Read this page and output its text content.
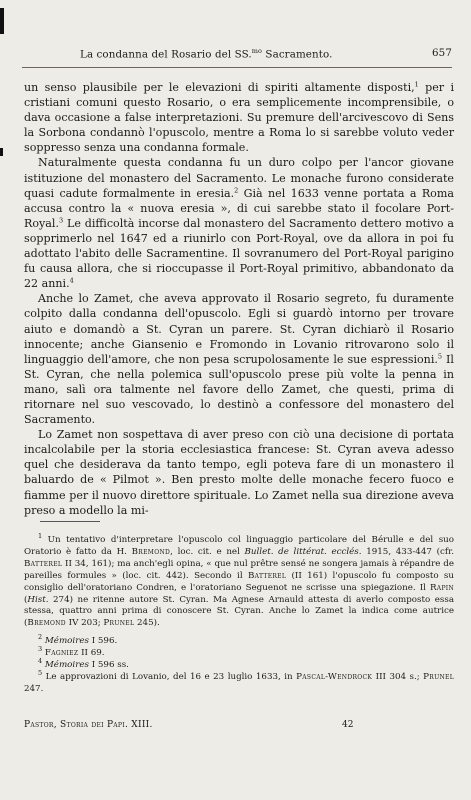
La condanna del Rosario del SS.$^{mo}$ Sacramento.	657

un senso plausibile per le elevazioni di spiriti altamente disposti,$^1$ per i cristiani comuni questo Rosario, o era semplicemente incomprensibile, o dava occasione a false interpretazioni. Su premure dell'arcivescovo di Sens la Sorbona condannò l'opuscolo, mentre a Roma lo si sarebbe voluto veder soppresso senza una condanna formale.

Naturalmente questa condanna fu un duro colpo per l'ancor giovane istituzione del monastero del Sacramento. Le monache furono considerate quasi cadute formalmente in eresia.$^2$ Già nel 1633 venne portata a Roma accusa contro la « nuova eresia », di cui sarebbe stato il focolare Port-Royal.$^3$ Le difficoltà incorse dal monastero del Sacramento dettero motivo a sopprimerlo nel 1647 ed a riunirlo con Port-Royal, ove da allora in poi fu adottato l'abito delle Sacramentine. Il sovranumero del Port-Royal parigino fu causa allora, che si rioccupasse il Port-Royal primitivo, abbandonato da 22 anni.$^4$

Anche lo Zamet, che aveva approvato il Rosario segreto, fu duramente colpito dalla condanna dell'opuscolo. Egli si guardò intorno per trovare aiuto e domandò a St. Cyran un parere. St. Cyran dichiarò il Rosario innocente; anche Giansenio e Fromondo in Lovanio ritrovarono solo il linguaggio dell'amore, che non pesa scrupolosamente le sue espressioni.$^5$ Il St. Cyran, che nella polemica sull'opuscolo prese più volte la penna in mano, salì ora talmente nel favore dello Zamet, che questi, prima di ritornare nel suo vescovado, lo destinò a confessore del monastero del Sacramento.

Lo Zamet non sospettava di aver preso con ciò una decisione di portata incalcolabile per la storia ecclesiastica francese: St. Cyran aveva adesso quel che desiderava da tanto tempo, egli poteva fare di un monastero il baluardo de « Pilmot ». Ben presto molte delle monache fecero fuoco e fiamme per il nuovo direttore spirituale. Lo Zamet nella sua direzione aveva preso a modello la mi-

$^1$ Un tentativo d'interpretare l'opuscolo col linguaggio particolare del Bérulle e del suo Oratorio è fatto da H. Bremond, loc. cit. e nel Bullet. de littérat. ecclés. 1915, 433-447 (cfr. Batterel II 34, 161); ma anch'egli opina, « que nul prêtre sensé ne songera jamais à répandre de pareilles formules » (loc. cit. 442). Secondo il Batterel (II 161) l'opuscolo fu composto su consiglio dell'oratoriano Condren, e l'oratoriano Seguenot ne scrisse una spiegazione. Il Rapin (Hist. 274) ne ritenne autore St. Cyran. Ma Agnese Arnauld attesta di averlo composto essa stessa, quattro anni prima di conoscere St. Cyran. Anche lo Zamet la indica come autrice (Bremond IV 203; Prunel 245).

$^2$ Mémoires I 596.

$^3$ Fagniez II 69.

$^4$ Mémoires I 596 ss.

$^5$ Le approvazioni di Lovanio, del 16 e 23 luglio 1633, in Pascal-Wendrock III 304 s.; Prunel 247.

Pastor, Storia dei Papi. XIII.	42
